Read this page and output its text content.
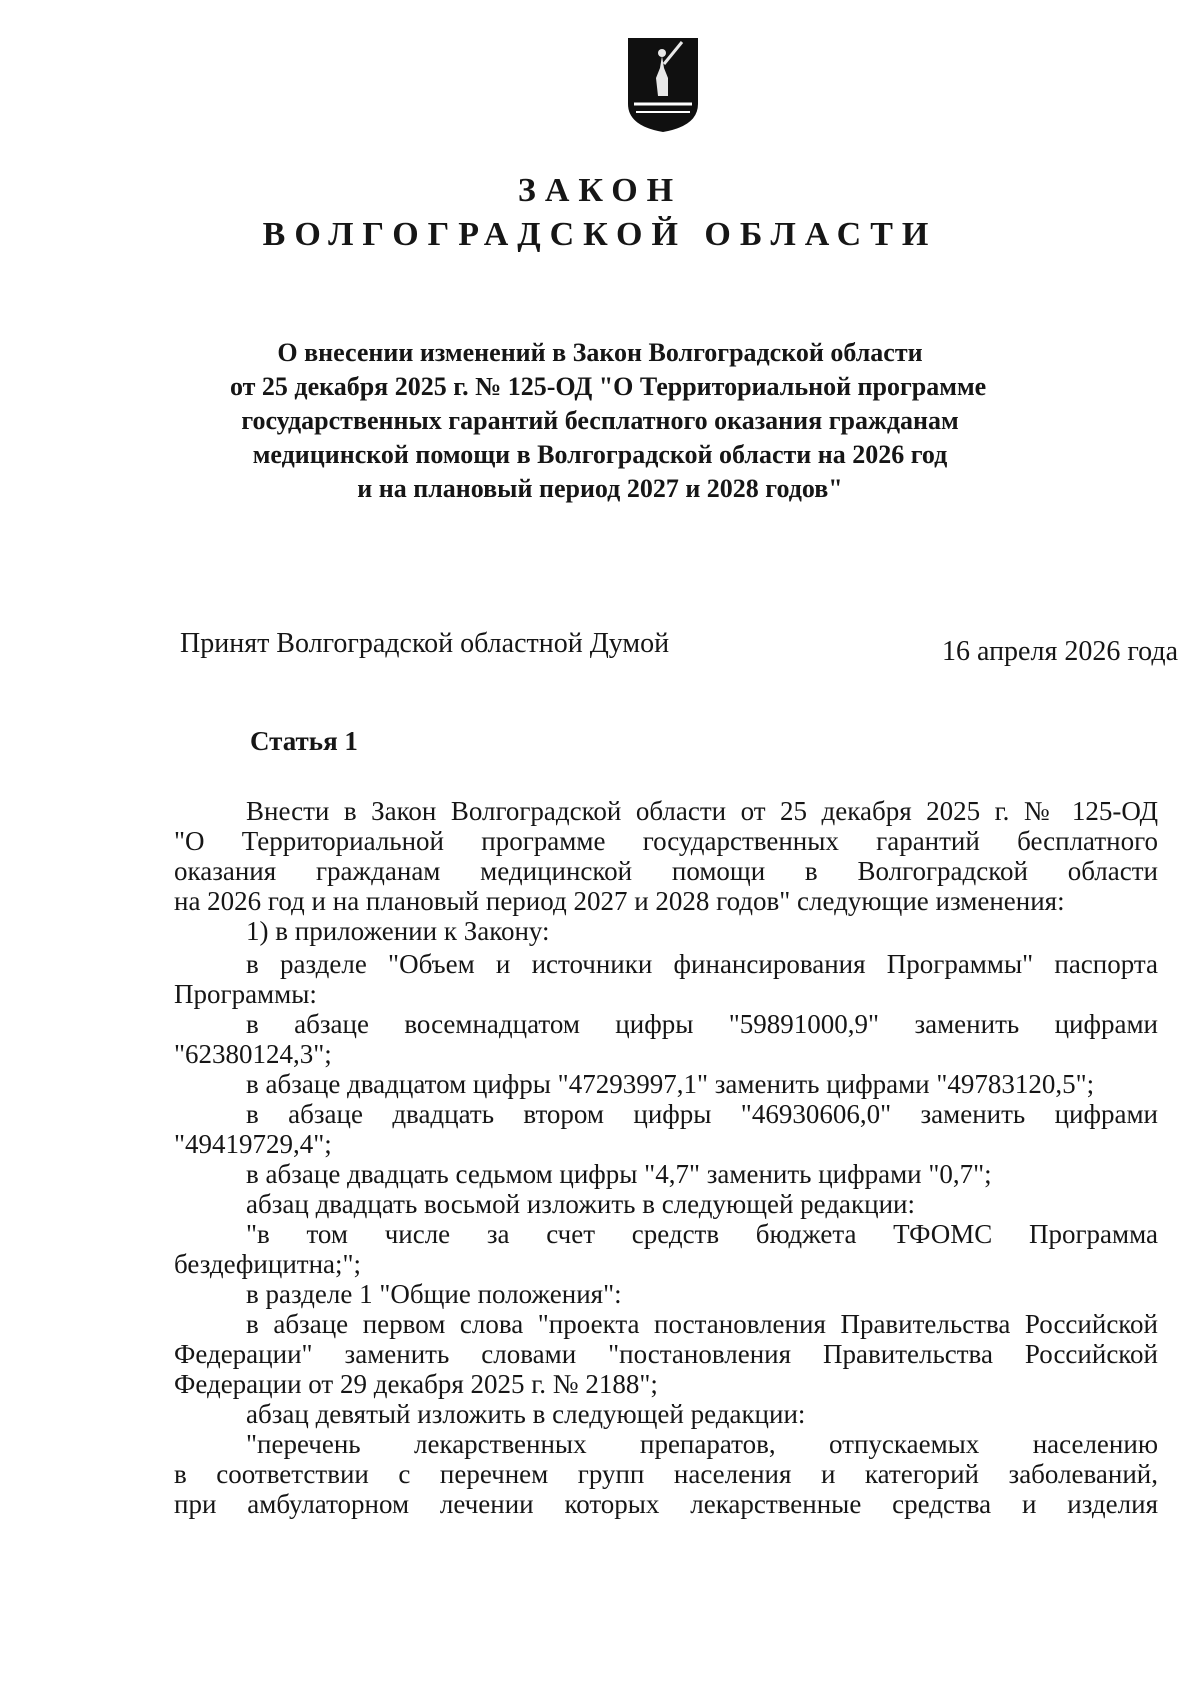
ЗАКОН
ВОЛГОГРАДСКОЙ ОБЛАСТИ
О внесении изменений в Закон Волгоградской области
от 25 декабря 2025 г. № 125-ОД "О Территориальной программе
государственных гарантий бесплатного оказания гражданам
медицинской помощи в Волгоградской области на 2026 год
и на плановый период 2027 и 2028 годов"
Принят Волгоградской областной Думой	16 апреля 2026 года
Статья 1
Внести в Закон Волгоградской области от 25 декабря 2025 г. № 125-ОД
"О Территориальной программе государственных гарантий бесплатного
оказания гражданам медицинской помощи в Волгоградской области
на 2026 год и на плановый период 2027 и 2028 годов" следующие изменения:
1) в приложении к Закону:
в разделе "Объем и источники финансирования Программы" паспорта
Программы:
в абзаце восемнадцатом цифры "59891000,9" заменить цифрами
"62380124,3";
в абзаце двадцатом цифры "47293997,1" заменить цифрами "49783120,5";
в абзаце двадцать втором цифры "46930606,0" заменить цифрами
"49419729,4";
в абзаце двадцать седьмом цифры "4,7" заменить цифрами "0,7";
абзац двадцать восьмой изложить в следующей редакции:
"в том числе за счет средств бюджета ТФОМС Программа
бездефицитна;";
в разделе 1 "Общие положения":
в абзаце первом слова "проекта постановления Правительства Российской
Федерации" заменить словами "постановления Правительства Российской
Федерации от 29 декабря 2025 г. № 2188";
абзац девятый изложить в следующей редакции:
"перечень лекарственных препаратов, отпускаемых населению
в соответствии с перечнем групп населения и категорий заболеваний,
при амбулаторном лечении которых лекарственные средства и изделия
